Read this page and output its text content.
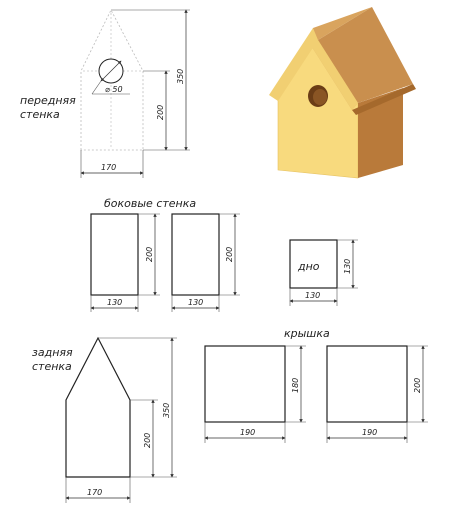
⌀ 50
350
200
170
передняя
стенка
боковые стенка
200
130
200
130
дно	130
130
350
200
170
задняя
стенка
крышка
180
190
200
190
